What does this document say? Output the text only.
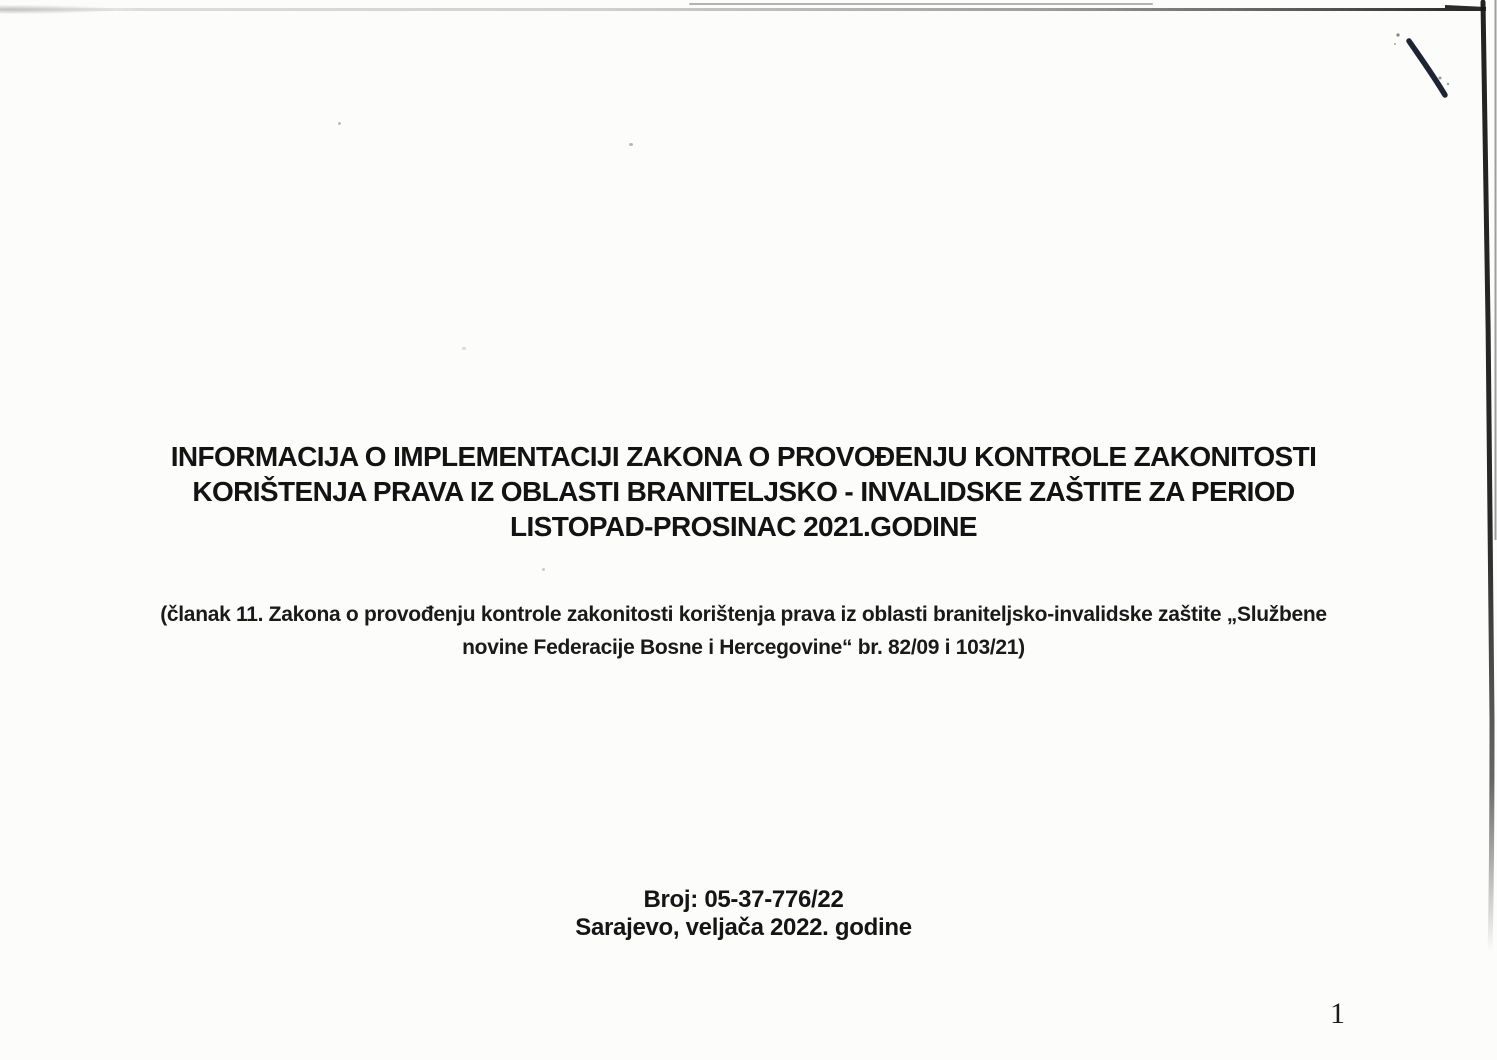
INFORMACIJA O IMPLEMENTACIJI ZAKONA O PROVOĐENJU KONTROLE ZAKONITOSTI
KORIŠTENJA PRAVA IZ OBLASTI BRANITELJSKO - INVALIDSKE ZAŠTITE ZA PERIOD
LISTOPAD-PROSINAC 2021.GODINE
(članak 11. Zakona o provođenju kontrole zakonitosti korištenja prava iz oblasti braniteljsko-invalidske zaštite „Službene
novine Federacije Bosne i Hercegovine“ br. 82/09 i 103/21)
Broj: 05-37-776/22
Sarajevo, veljača 2022. godine
1
